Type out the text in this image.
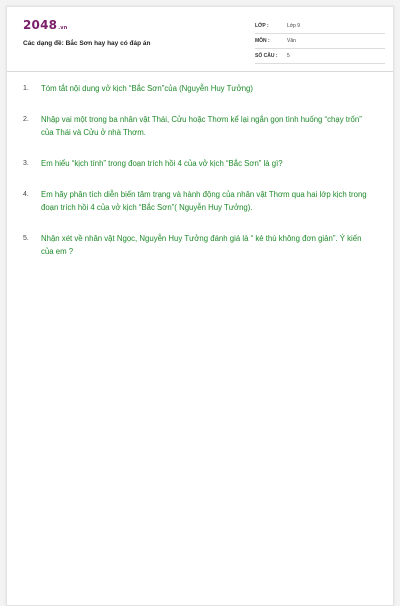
2048.vn
Các dạng đề: Bắc Sơn hay hay có đáp án
LỚP :	Lớp 9
MÔN :	Văn
SỐ CÂU : 5
1. Tóm tắt nội dung vở kịch “Bắc Sơn”của (Nguyễn Huy Tưởng)
2. Nhập vai một trong ba nhân vật Thái, Cửu hoặc Thơm kể lại ngắn gọn tình huống “chạy trốn” của Thái và Cửu ở nhà Thơm.
3. Em hiểu “kịch tính” trong đoạn trích hồi 4 của vở kịch “Bắc Sơn” là gì?
4. Em hãy phân tích diễn biến tâm trạng và hành động của nhân vật Thơm qua hai lớp kịch trong đoạn trích hồi 4 của vở kịch “Bắc Sơn”( Nguyễn Huy Tưởng).
5. Nhận xét về nhân vật Ngọc, Nguyễn Huy Tưởng đánh giá là “ kẻ thù không đơn giản”. Ý kiến của em ?
